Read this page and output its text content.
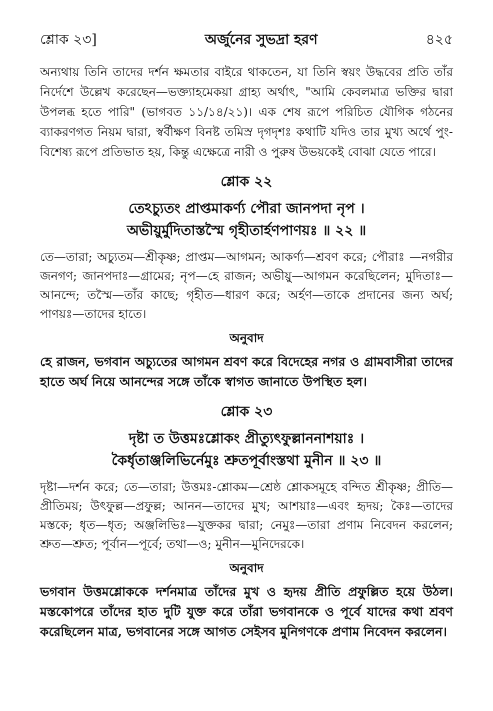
শ্লোক ২৩]	অর্জুনের সুভদ্রা হরণ	৪২৫

অন্যথায় তিনি তাদের দর্শন ক্ষমতার বাইরে থাকতেন, যা তিনি স্বয়ং উদ্ধবের প্রতি তাঁর নির্দেশে উল্লেখ করেছেন—ভক্ত্যাহমেকয়া গ্রাহ্য অর্থাৎ, "আমি কেবলমাত্র ভক্তির দ্বারা উপলব্ধ হতে পারি" (ভাগবত ১১/১৪/২১)। এক শেষ রূপে পরিচিত যৌগিক গঠনের ব্যাকরণগত নিয়ম দ্বারা, স্বর্বীক্ষণ বিনষ্ট তমিস্র দৃগদৃশঃ কথাটি যদিও তার মুখ্য অর্থে পুং-বিশেষ্য রূপে প্রতিভাত হয়, কিন্তু এক্ষেত্রে নারী ও পুরুষ উভয়কেই বোঝা যেতে পারে।

শ্লোক ২২

তেঽচ্যুতং প্রাপ্তমাকর্ণ্য পৌরা জানপদা নৃপ ।

অভীয়ুর্মুদিতাস্তস্মৈ গৃহীতার্হণপাণয়ঃ ॥ ২২ ॥

তে—তারা; অচ্যুতম—শ্রীকৃষ্ণ; প্রাপ্তম—আগমন; আকর্ণ্য—শ্রবণ করে; পৌরাঃ —নগরীর জনগণ; জানপদাঃ—গ্রামের; নৃপ—হে রাজন; অভীয়ু—আগমন করেছিলেন; মুদিতাঃ—আনন্দে; তস্মৈ—তাঁর কাছে; গৃহীত—ধারণ করে; অর্হণ—তাকে প্রদানের জন্য অর্ঘ; পাণয়ঃ—তাদের হাতে।

অনুবাদ

হে রাজন, ভগবান অচ্যুতের আগমন শ্রবণ করে বিদেহের নগর ও গ্রামবাসীরা তাদের হাতে অর্ঘ নিয়ে আনন্দের সঙ্গে তাঁকে স্বাগত জানাতে উপস্থিত হল।

শ্লোক ২৩

দৃষ্টা ত উত্তমঃশ্লোকং প্রীত্যুৎফুল্লাননাশয়াঃ ।

কৈর্ধৃতাঞ্জলিভির্নেমুঃ শ্রুতপূর্বাংস্তথা মুনীন ॥ ২৩ ॥

দৃষ্টা—দর্শন করে; তে—তারা; উত্তমঃ-শ্লোকম—শ্রেষ্ঠ শ্লোকসমূহে বন্দিত শ্রীকৃষ্ণ; প্রীতি—প্রীতিময়; উৎফুল্ল—প্রফুল্ল; আনন—তাদের মুখ; আশয়াঃ—এবং হৃদয়; কৈঃ—তাদের মস্তকে; ধৃত—ধৃত; অঞ্জলিভিঃ—যুক্তকর দ্বারা; নেমুঃ—তারা প্রণাম নিবেদন করলেন; শ্রুত—শ্রুত; পূর্বান—পূর্বে; তথা—ও; মুনীন—মুনিদেরকে।

অনুবাদ

ভগবান উত্তমশ্লোককে দর্শনমাত্র তাঁদের মুখ ও হৃদয় প্রীতি প্রফুল্লিত হয়ে উঠল। মস্তকোপরে তাঁদের হাত দুটি যুক্ত করে তাঁরা ভগবানকে ও পূর্বে যাদের কথা শ্রবণ করেছিলেন মাত্র, ভগবানের সঙ্গে আগত সেইসব মুনিগণকে প্রণাম নিবেদন করলেন।
